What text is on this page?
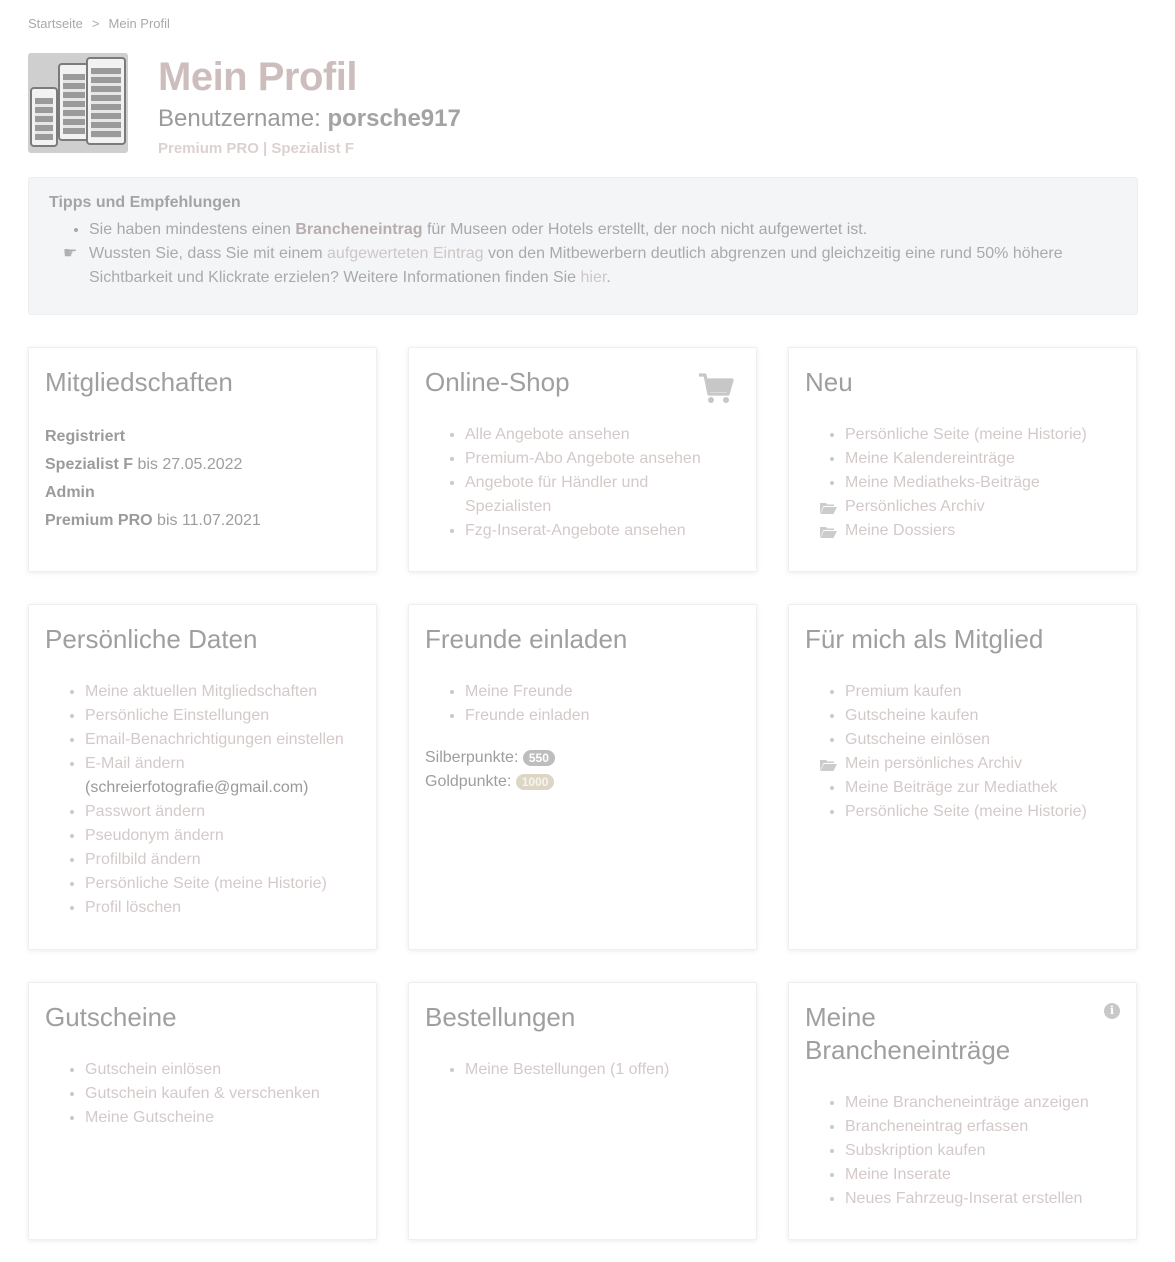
Startseite > Mein Profil
Mein Profil
Benutzername: porsche917
Premium PRO | Spezialist F
Tipps und Empfehlungen
• Sie haben mindestens einen Brancheneintrag für Museen oder Hotels erstellt, der noch nicht aufgewertet ist.
☛ Wussten Sie, dass Sie mit einem aufgewerteten Eintrag von den Mitbewerbern deutlich abgrenzen und gleichzeitig eine rund 50% höhere Sichtbarkeit und Klickrate erzielen? Weitere Informationen finden Sie hier.
Mitgliedschaften
Registriert
Spezialist F bis 27.05.2022
Admin
Premium PRO bis 11.07.2021
Online-Shop
• Alle Angebote ansehen
• Premium-Abo Angebote ansehen
• Angebote für Händler und Spezialisten
• Fzg-Inserat-Angebote ansehen
Neu
• Persönliche Seite (meine Historie)
• Meine Kalendereinträge
• Meine Mediatheks-Beiträge
Persönliches Archiv
Meine Dossiers
Persönliche Daten
• Meine aktuellen Mitgliedschaften
• Persönliche Einstellungen
• Email-Benachrichtigungen einstellen
• E-Mail ändern
(schreierfotografie@gmail.com)
• Passwort ändern
• Pseudonym ändern
• Profilbild ändern
• Persönliche Seite (meine Historie)
• Profil löschen
Freunde einladen
• Meine Freunde
• Freunde einladen
Silberpunkte: 550
Goldpunkte: 1000
Für mich als Mitglied
• Premium kaufen
• Gutscheine kaufen
• Gutscheine einlösen
Mein persönliches Archiv
• Meine Beiträge zur Mediathek
• Persönliche Seite (meine Historie)
Gutscheine
• Gutschein einlösen
• Gutschein kaufen & verschenken
• Meine Gutscheine
Bestellungen
• Meine Bestellungen (1 offen)
i
Meine Brancheneinträge
• Meine Brancheneinträge anzeigen
• Brancheneintrag erfassen
• Subskription kaufen
• Meine Inserate
• Neues Fahrzeug-Inserat erstellen
